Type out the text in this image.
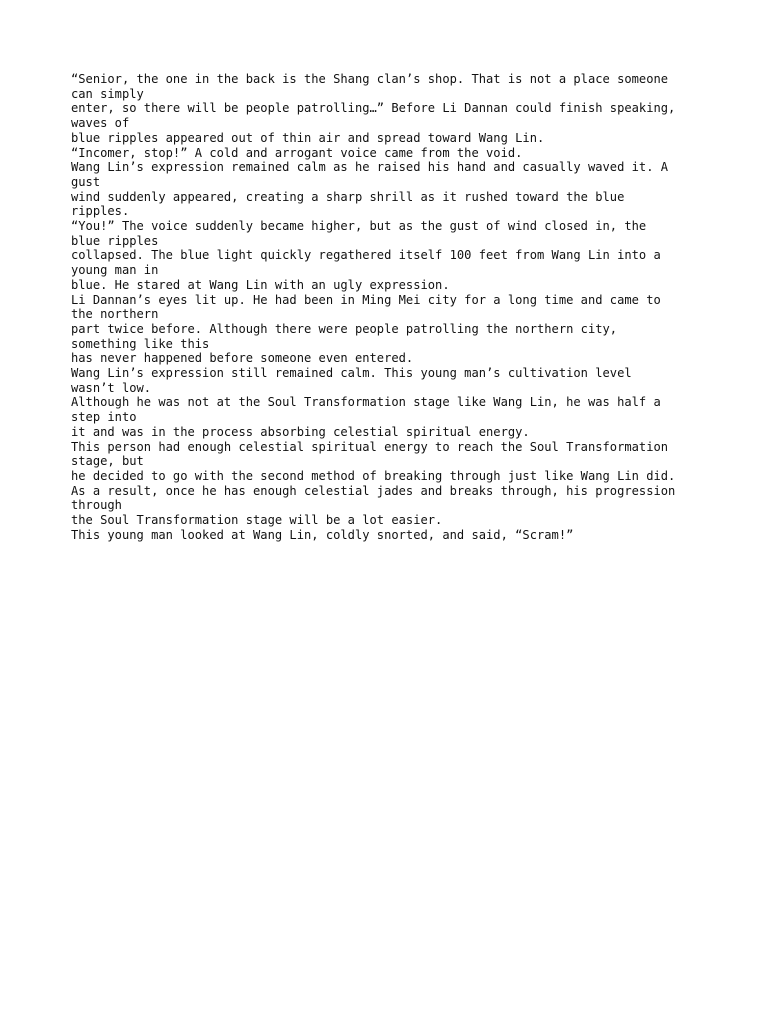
“Senior, the one in the back is the Shang clan’s shop. That is not a place someone

can simply

enter, so there will be people patrolling…” Before Li Dannan could finish speaking,

waves of

blue ripples appeared out of thin air and spread toward Wang Lin.

“Incomer, stop!” A cold and arrogant voice came from the void.

Wang Lin’s expression remained calm as he raised his hand and casually waved it. A

gust

wind suddenly appeared, creating a sharp shrill as it rushed toward the blue

ripples.

“You!” The voice suddenly became higher, but as the gust of wind closed in, the

blue ripples

collapsed. The blue light quickly regathered itself 100 feet from Wang Lin into a

young man in

blue. He stared at Wang Lin with an ugly expression.

Li Dannan’s eyes lit up. He had been in Ming Mei city for a long time and came to

the northern

part twice before. Although there were people patrolling the northern city,

something like this

has never happened before someone even entered.

Wang Lin’s expression still remained calm. This young man’s cultivation level

wasn’t low.

Although he was not at the Soul Transformation stage like Wang Lin, he was half a

step into

it and was in the process absorbing celestial spiritual energy.

This person had enough celestial spiritual energy to reach the Soul Transformation

stage, but

he decided to go with the second method of breaking through just like Wang Lin did.

As a result, once he has enough celestial jades and breaks through, his progression

through

the Soul Transformation stage will be a lot easier.

This young man looked at Wang Lin, coldly snorted, and said, “Scram!”
